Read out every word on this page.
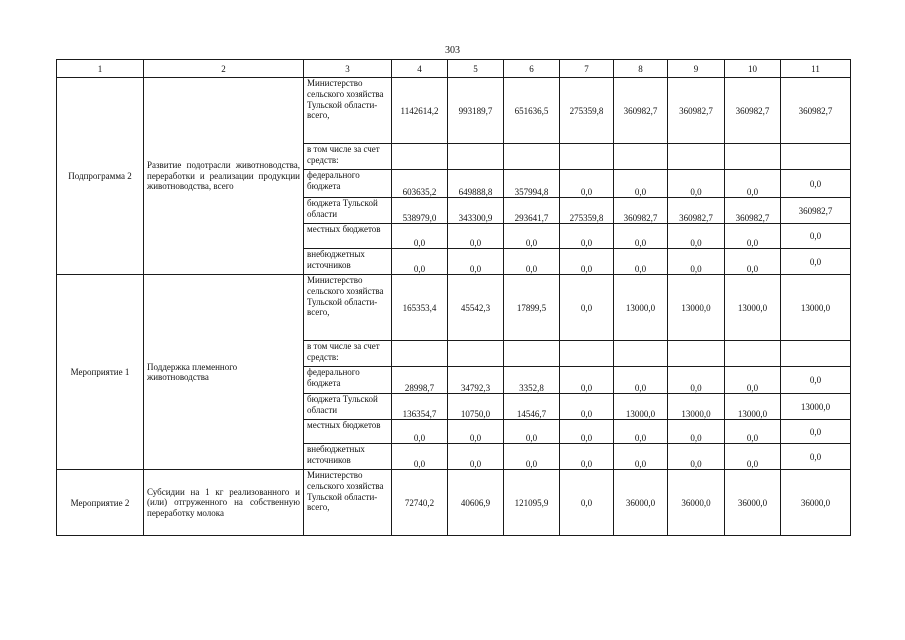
303
1	2	3	4	5	6	7	8	9	10	11
Подпрограмма 2	Развитие подотрасли животноводства, переработки и реализации продукции животноводства, всего	Министерство сельского хозяйства Тульской области-всего,	1142614,2	993189,7	651636,5	275359,8	360982,7	360982,7	360982,7	360982,7
		в том числе за счет средств:								
		федерального бюджета	603635,2	649888,8	357994,8	0,0	0,0	0,0	0,0	0,0
		бюджета Тульской области	538979,0	343300,9	293641,7	275359,8	360982,7	360982,7	360982,7	360982,7
		местных бюджетов	0,0	0,0	0,0	0,0	0,0	0,0	0,0	0,0
		внебюджетных источников	0,0	0,0	0,0	0,0	0,0	0,0	0,0	0,0
Мероприятие 1	Поддержка племенного животноводства	Министерство сельского хозяйства Тульской области-всего,	165353,4	45542,3	17899,5	0,0	13000,0	13000,0	13000,0	13000,0
		в том числе за счет средств:								
		федерального бюджета	28998,7	34792,3	3352,8	0,0	0,0	0,0	0,0	0,0
		бюджета Тульской области	136354,7	10750,0	14546,7	0,0	13000,0	13000,0	13000,0	13000,0
		местных бюджетов	0,0	0,0	0,0	0,0	0,0	0,0	0,0	0,0
		внебюджетных источников	0,0	0,0	0,0	0,0	0,0	0,0	0,0	0,0
Мероприятие 2	Субсидии на 1 кг реализованного и (или) отгруженного на собственную переработку молока	Министерство сельского хозяйства Тульской области-всего,	72740,2	40606,9	121095,9	0,0	36000,0	36000,0	36000,0	36000,0
